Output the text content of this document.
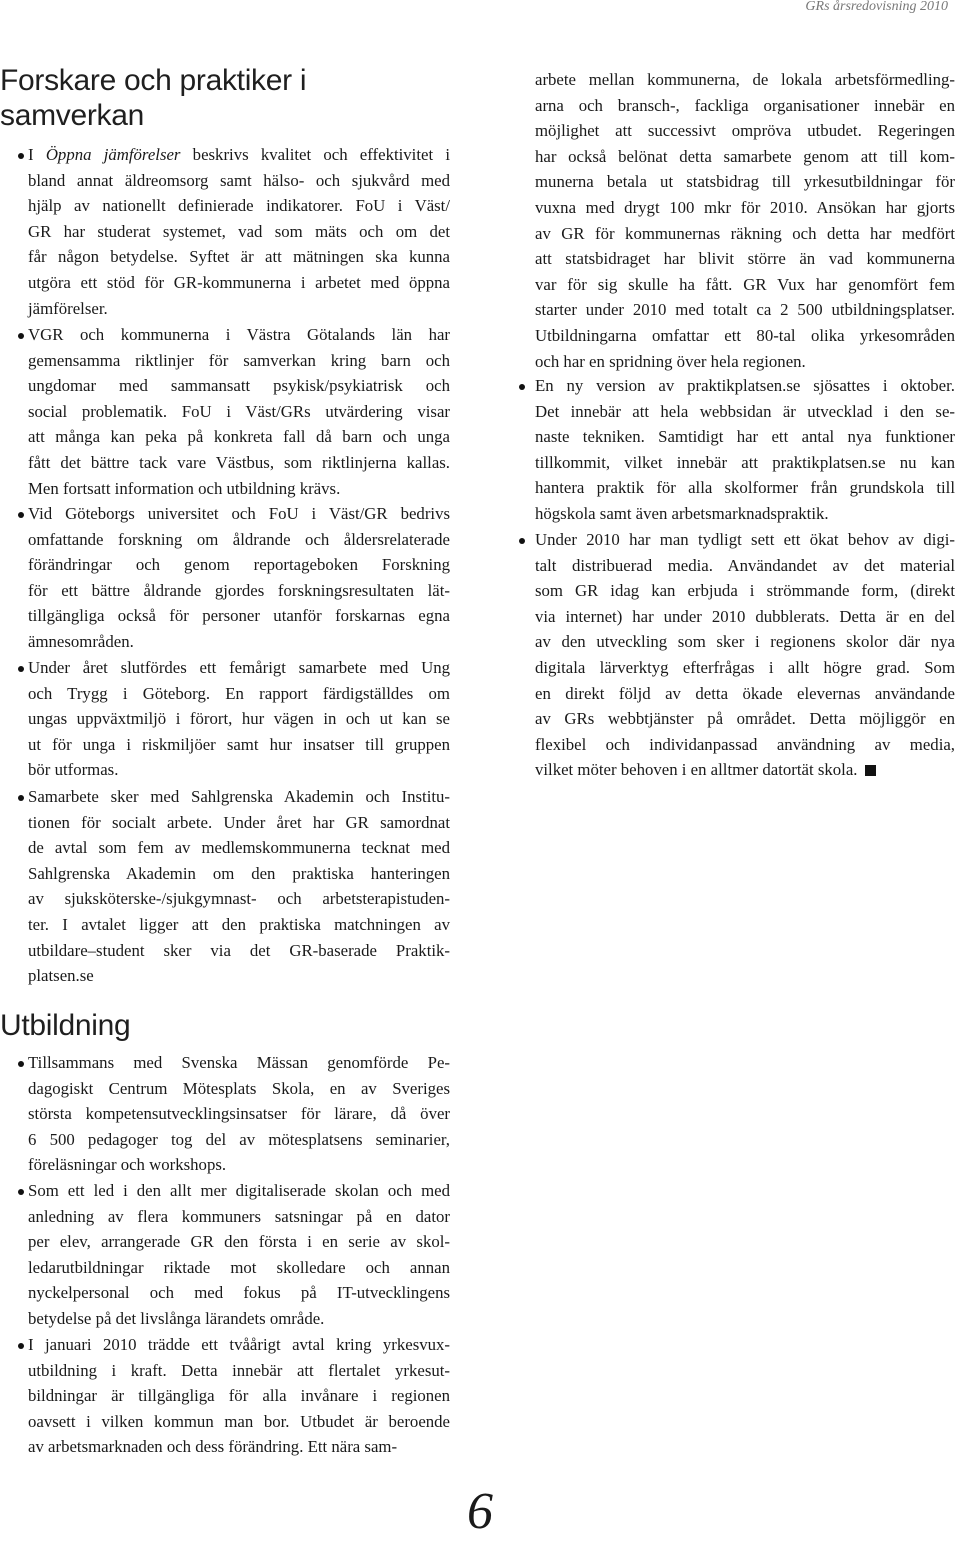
GRs årsredovisning 2010
Forskare och praktiker i
samverkan
I Öppna jämförelser beskrivs kvalitet och effektivitet i
bland annat äldreomsorg samt hälso- och sjukvård med
hjälp av nationellt definierade indikatorer. FoU i Väst/
GR har studerat systemet, vad som mäts och om det
får någon betydelse. Syftet är att mätningen ska kunna
utgöra ett stöd för GR-kommunerna i arbetet med öppna
jämförelser.
VGR och kommunerna i Västra Götalands län har
gemensamma riktlinjer för samverkan kring barn och
ungdomar med sammansatt psykisk/psykiatrisk och
social problematik. FoU i Väst/GRs utvärdering visar
att många kan peka på konkreta fall då barn och unga
fått det bättre tack vare Västbus, som riktlinjerna kallas.
Men fortsatt information och utbildning krävs.
Vid Göteborgs universitet och FoU i Väst/GR bedrivs
omfattande forskning om åldrande och åldersrelaterade
förändringar och genom reportageboken Forskning
för ett bättre åldrande gjordes forskningsresultaten lät-
tillgängliga också för personer utanför forskarnas egna
ämnesområden.
Under året slutfördes ett femårigt samarbete med Ung
och Trygg i Göteborg. En rapport färdigställdes om
ungas uppväxtmiljö i förort, hur vägen in och ut kan se
ut för unga i riskmiljöer samt hur insatser till gruppen
bör utformas.
Samarbete sker med Sahlgrenska Akademin och Institu-
tionen för socialt arbete. Under året har GR samordnat
de avtal som fem av medlemskommunerna tecknat med
Sahlgrenska Akademin om den praktiska hanteringen
av sjuksköterske-/sjukgymnast- och arbetsterapistuden-
ter. I avtalet ligger att den praktiska matchningen av
utbildare–student sker via det GR-baserade Praktik-
platsen.se
Utbildning
Tillsammans med Svenska Mässan genomförde Pe-
dagogiskt Centrum Mötesplats Skola, en av Sveriges
största kompetensutvecklingsinsatser för lärare, då över
6 500 pedagoger tog del av mötesplatsens seminarier,
föreläsningar och workshops.
Som ett led i den allt mer digitaliserade skolan och med
anledning av flera kommuners satsningar på en dator
per elev, arrangerade GR den första i en serie av skol-
ledarutbildningar riktade mot skolledare och annan
nyckelpersonal och med fokus på IT-utvecklingens
betydelse på det livslånga lärandets område.
I januari 2010 trädde ett tvåårigt avtal kring yrkesvux-
utbildning i kraft. Detta innebär att flertalet yrkesut-
bildningar är tillgängliga för alla invånare i regionen
oavsett i vilken kommun man bor. Utbudet är beroende
av arbetsmarknaden och dess förändring. Ett nära sam-
arbete mellan kommunerna, de lokala arbetsförmedling-
arna och bransch-, fackliga organisationer innebär en
möjlighet att successivt ompröva utbudet. Regeringen
har också belönat detta samarbete genom att till kom-
munerna betala ut statsbidrag till yrkesutbildningar för
vuxna med drygt 100 mkr för 2010. Ansökan har gjorts
av GR för kommunernas räkning och detta har medfört
att statsbidraget har blivit större än vad kommunerna
var för sig skulle ha fått. GR Vux har genomfört fem
starter under 2010 med totalt ca 2 500 utbildningsplatser.
Utbildningarna omfattar ett 80-tal olika yrkesområden
och har en spridning över hela regionen.
En ny version av praktikplatsen.se sjösattes i oktober.
Det innebär att hela webbsidan är utvecklad i den se-
naste tekniken. Samtidigt har ett antal nya funktioner
tillkommit, vilket innebär att praktikplatsen.se nu kan
hantera praktik för alla skolformer från grundskola till
högskola samt även arbetsmarknadspraktik.
Under 2010 har man tydligt sett ett ökat behov av digi-
talt distribuerad media. Användandet av det material
som GR idag kan erbjuda i strömmande form, (direkt
via internet) har under 2010 dubblerats. Detta är en del
av den utveckling som sker i regionens skolor där nya
digitala lärverktyg efterfrågas i allt högre grad. Som
en direkt följd av detta ökade elevernas användande
av GRs webbtjänster på området. Detta möjliggör en
flexibel och individanpassad användning av media,
vilket möter behoven i en alltmer datortät skola.
6
